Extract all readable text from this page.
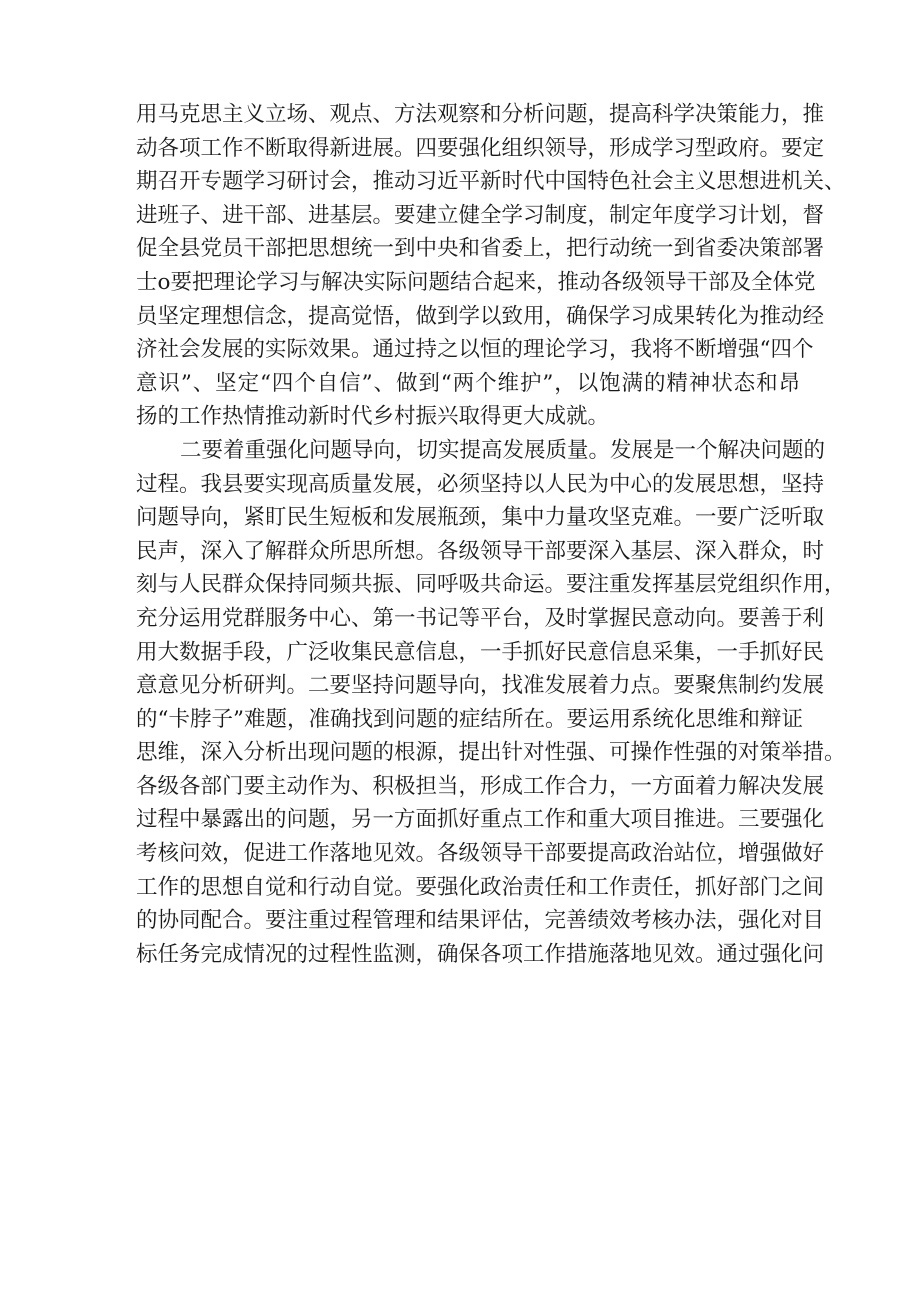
用马克思主义立场、观点、方法观察和分析问题，提高科学决策能力，推
动各项工作不断取得新进展。四要强化组织领导，形成学习型政府。要定
期召开专题学习研讨会，推动习近平新时代中国特色社会主义思想进机关、
进班子、进干部、进基层。要建立健全学习制度，制定年度学习计划，督
促全县党员干部把思想统一到中央和省委上，把行动统一到省委决策部署
士o要把理论学习与解决实际问题结合起来，推动各级领导干部及全体党
员坚定理想信念，提高觉悟，做到学以致用，确保学习成果转化为推动经
济社会发展的实际效果。通过持之以恒的理论学习，我将不断增强“四个
意识”、坚定“四个自信”、做到“两个维护”，以饱满的精神状态和昂
扬的工作热情推动新时代乡村振兴取得更大成就。
二要着重强化问题导向，切实提高发展质量。发展是一个解决问题的
过程。我县要实现高质量发展，必须坚持以人民为中心的发展思想，坚持
问题导向，紧盯民生短板和发展瓶颈，集中力量攻坚克难。一要广泛听取
民声，深入了解群众所思所想。各级领导干部要深入基层、深入群众，时
刻与人民群众保持同频共振、同呼吸共命运。要注重发挥基层党组织作用，
充分运用党群服务中心、第一书记等平台，及时掌握民意动向。要善于利
用大数据手段，广泛收集民意信息，一手抓好民意信息采集，一手抓好民
意意见分析研判。二要坚持问题导向，找准发展着力点。要聚焦制约发展
的“卡脖子”难题，准确找到问题的症结所在。要运用系统化思维和辩证
思维，深入分析出现问题的根源，提出针对性强、可操作性强的对策举措。
各级各部门要主动作为、积极担当，形成工作合力，一方面着力解决发展
过程中暴露出的问题，另一方面抓好重点工作和重大项目推进。三要强化
考核问效，促进工作落地见效。各级领导干部要提高政治站位，增强做好
工作的思想自觉和行动自觉。要强化政治责任和工作责任，抓好部门之间
的协同配合。要注重过程管理和结果评估，完善绩效考核办法，强化对目
标任务完成情况的过程性监测，确保各项工作措施落地见效。通过强化问
